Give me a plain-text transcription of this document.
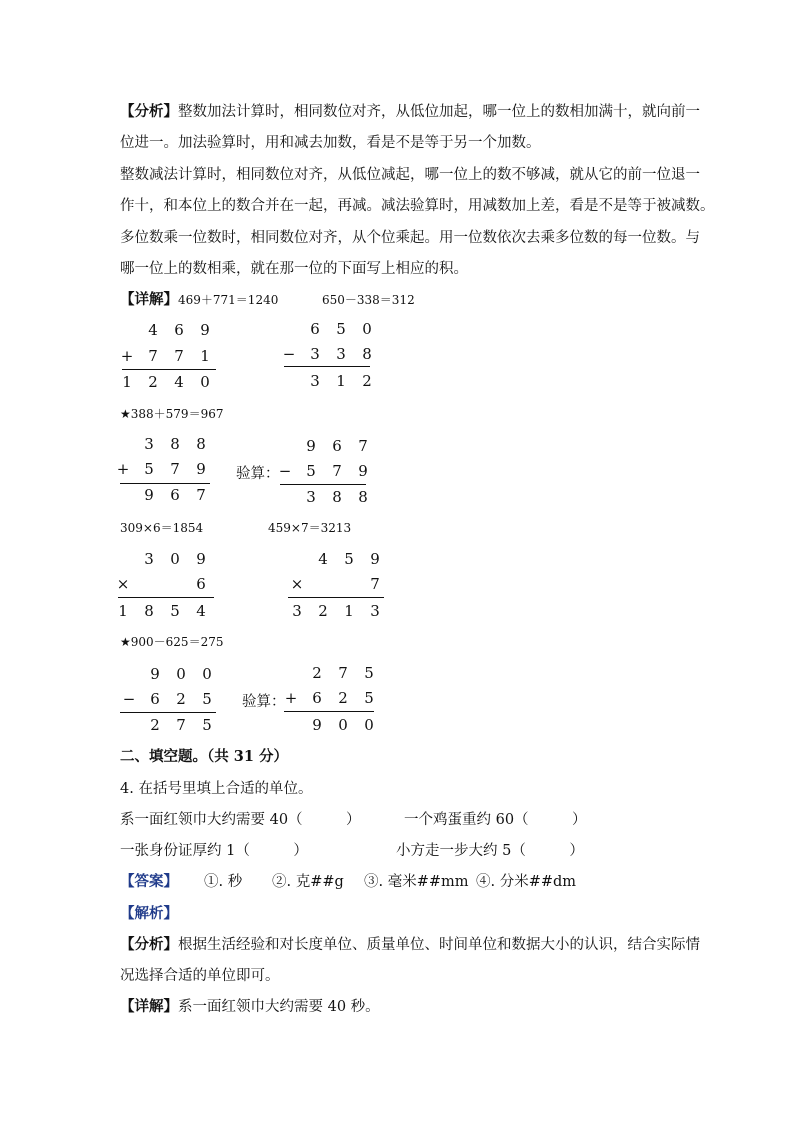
【分析】整数加法计算时，相同数位对齐，从低位加起，哪一位上的数相加满十，就向前一
位进一。加法验算时，用和减去加数，看是不是等于另一个加数。
整数减法计算时，相同数位对齐，从低位减起，哪一位上的数不够减，就从它的前一位退一
作十，和本位上的数合并在一起，再减。减法验算时，用减数加上差，看是不是等于被减数。
多位数乘一位数时，相同数位对齐，从个位乘起。用一位数依次去乘多位数的每一位数。与
哪一位上的数相乘，就在那一位的下面写上相应的积。
【详解】469＋771＝1240	650－338＝312
4	6	9
+ 7	7	1
1	2	4	0
6	5	0
− 3	3	8
3	1	2
★388＋579＝967
3	8	8
+ 5	7	9
9	6	7
验算：
9	6	7
− 5	7	9
3	8	8
309×6＝1854	459×7＝3213
3	0	9
×	6
1	8	5	4
4	5	9
×	7
3	2	1	3
★900－625＝275
9	0	0
− 6	2	5
2	7	5
验算：
2	7	5
+ 6	2	5
9	0	0
二、填空题。（共 31 分）
4. 在括号里填上合适的单位。
系一面红领巾大约需要 40（　　　）	一个鸡蛋重约 60（　　　）
一张身份证厚约 1（　　　）	小方走一步大约 5（　　　）
【答案】 ①. 秒 ②. 克##g ③. 毫米##mm ④. 分米##dm
【解析】
【分析】根据生活经验和对长度单位、质量单位、时间单位和数据大小的认识，结合实际情
况选择合适的单位即可。
【详解】系一面红领巾大约需要 40 秒。
